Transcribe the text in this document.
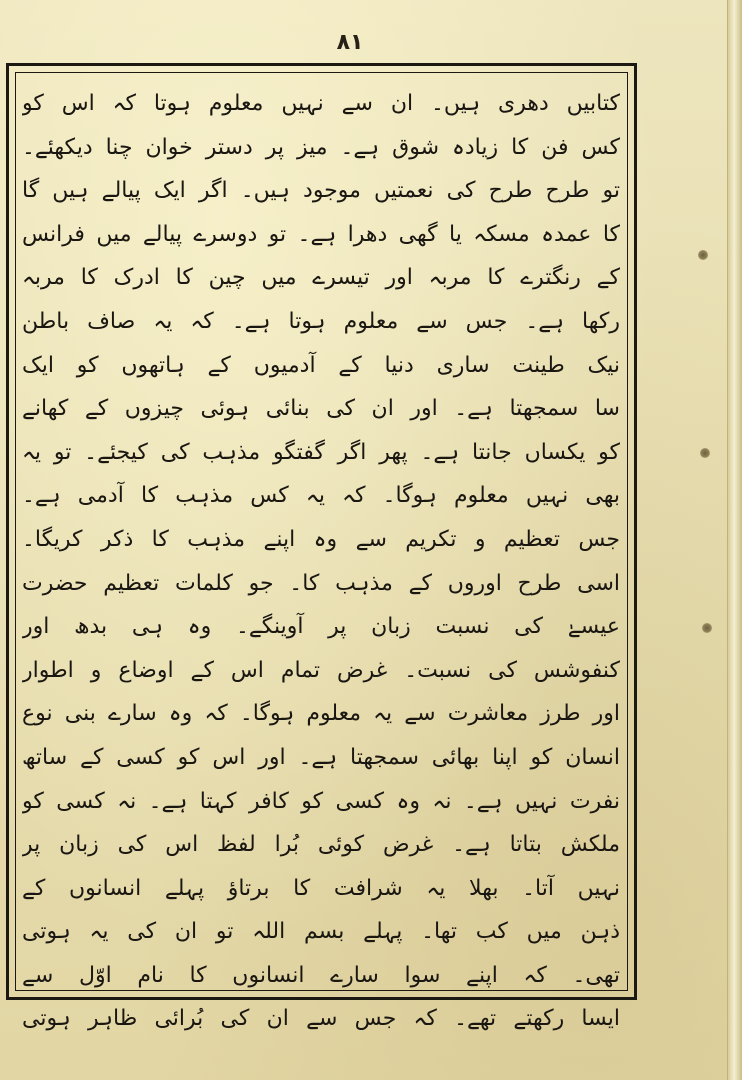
۸۱
کتابیں دھری ہیں۔ ان سے نہیں معلوم ہوتا کہ اس کو
کس فن کا زیادہ شوق ہے۔ میز پر دستر خوان چنا دیکھئے۔
تو طرح طرح کی نعمتیں موجود ہیں۔ اگر ایک پیالے ہیں گا
کا عمدہ مسکہ یا گھی دھرا ہے۔ تو دوسرے پیالے میں فرانس
کے رنگترے کا مربہ اور تیسرے میں چین کا ادرک کا مربہ
رکھا ہے۔ جس سے معلوم ہوتا ہے۔ کہ یہ صاف باطن
نیک طینت ساری دنیا کے آدمیوں کے ہاتھوں کو ایک
سا سمجھتا ہے۔ اور ان کی بنائی ہوئی چیزوں کے کھانے
کو یکساں جانتا ہے۔ پھر اگر گفتگو مذہب کی کیجئے۔ تو یہ
بھی نہیں معلوم ہوگا۔ کہ یہ کس مذہب کا آدمی ہے۔
جس تعظیم و تکریم سے وہ اپنے مذہب کا ذکر کریگا۔
اسی طرح اوروں کے مذہب کا۔ جو کلمات تعظیم حضرت
عیسےٰ کی نسبت زبان پر آوینگے۔ وہ ہی بدھ اور
کنفوشس کی نسبت۔ غرض تمام اس کے اوضاع و اطوار
اور طرز معاشرت سے یہ معلوم ہوگا۔ کہ وہ سارے بنی نوع
انسان کو اپنا بھائی سمجھتا ہے۔ اور اس کو کسی کے ساتھ
نفرت نہیں ہے۔ نہ وہ کسی کو کافر کہتا ہے۔ نہ کسی کو
ملکش بتاتا ہے۔ غرض کوئی بُرا لفظ اس کی زبان پر
نہیں آتا۔ بھلا یہ شرافت کا برتاؤ پہلے انسانوں کے
ذہن میں کب تھا۔ پہلے بسم اللہ تو ان کی یہ ہوتی
تھی۔ کہ اپنے سوا سارے انسانوں کا نام اوّل سے
ایسا رکھتے تھے۔ کہ جس سے ان کی بُرائی ظاہر ہوتی
